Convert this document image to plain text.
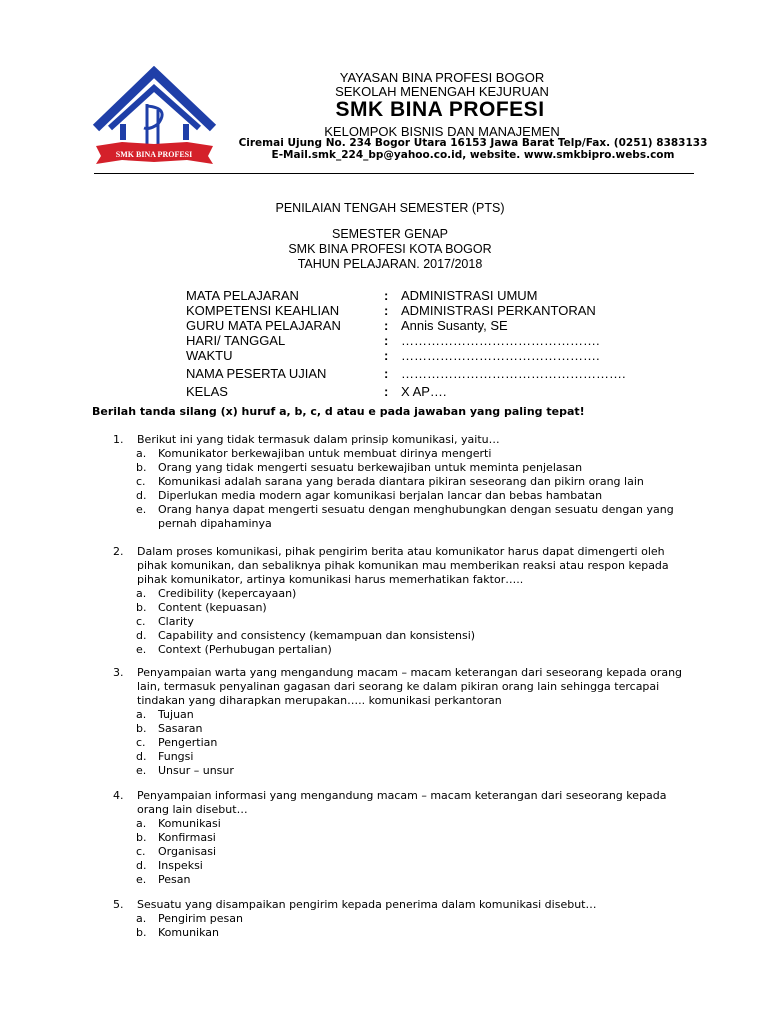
YAYASAN BINA PROFESI BOGOR
SEKOLAH MENENGAH KEJURUAN
SMK BINA PROFESI
KELOMPOK BISNIS DAN MANAJEMEN
Ciremai Ujung No. 234 Bogor Utara 16153 Jawa Barat Telp/Fax. (0251) 8383133
E-Mail.smk_224_bp@yahoo.co.id, website. www.smkbipro.webs.com
SMK BINA PROFESI
PENILAIAN TENGAH SEMESTER (PTS)
SEMESTER GENAP
SMK BINA PROFESI KOTA BOGOR
TAHUN PELAJARAN. 2017/2018
MATA PELAJARAN	: ADMINISTRASI UMUM
KOMPETENSI KEAHLIAN	: ADMINISTRASI PERKANTORAN
GURU MATA PELAJARAN	: Annis Susanty, SE
HARI/ TANGGAL	: ……………………………………….
WAKTU	: ……………………………………….
NAMA PESERTA UJIAN	: …………………………………………….
KELAS	: X AP….
Berilah tanda silang (x) huruf a, b, c, d atau e pada jawaban yang paling tepat!
1. Berikut ini yang tidak termasuk dalam prinsip komunikasi, yaitu…
a. Komunikator berkewajiban untuk membuat dirinya mengerti
b. Orang yang tidak mengerti sesuatu berkewajiban untuk meminta penjelasan
c. Komunikasi adalah sarana yang berada diantara pikiran seseorang dan pikirn orang lain
d. Diperlukan media modern agar komunikasi berjalan lancar dan bebas hambatan
e. Orang hanya dapat mengerti sesuatu dengan menghubungkan dengan sesuatu dengan yang pernah dipahaminya
2. Dalam proses komunikasi, pihak pengirim berita atau komunikator harus dapat dimengerti oleh pihak komunikan, dan sebaliknya pihak komunikan mau memberikan reaksi atau respon kepada pihak komunikator, artinya komunikasi harus memerhatikan faktor…..
a. Credibility (kepercayaan)
b. Content (kepuasan)
c. Clarity
d. Capability and consistency (kemampuan dan konsistensi)
e. Context (Perhubugan pertalian)
3. Penyampaian warta yang mengandung macam – macam keterangan dari seseorang kepada orang lain, termasuk penyalinan gagasan dari seorang ke dalam pikiran orang lain sehingga tercapai tindakan yang diharapkan merupakan….. komunikasi perkantoran
a. Tujuan
b. Sasaran
c. Pengertian
d. Fungsi
e. Unsur – unsur
4. Penyampaian informasi yang mengandung macam – macam keterangan dari seseorang kepada orang lain disebut…
a. Komunikasi
b. Konfirmasi
c. Organisasi
d. Inspeksi
e. Pesan
5. Sesuatu yang disampaikan pengirim kepada penerima dalam komunikasi disebut…
a. Pengirim pesan
b. Komunikan
